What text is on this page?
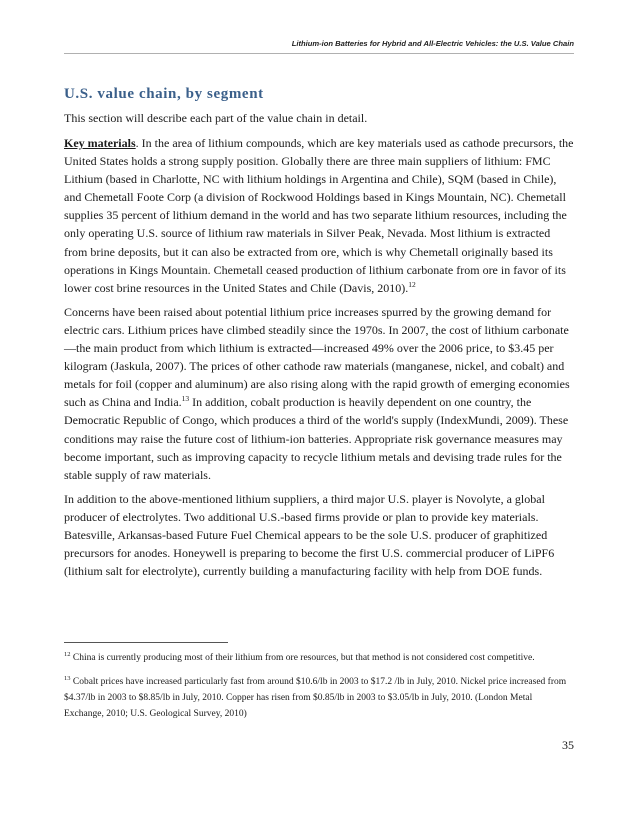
Lithium-ion Batteries for Hybrid and All-Electric Vehicles: the U.S. Value Chain
U.S. value chain, by segment

This section will describe each part of the value chain in detail.

Key materials. In the area of lithium compounds, which are key materials used as cathode precursors, the United States holds a strong supply position. Globally there are three main suppliers of lithium: FMC Lithium (based in Charlotte, NC with lithium holdings in Argentina and Chile), SQM (based in Chile), and Chemetall Foote Corp (a division of Rockwood Holdings based in Kings Mountain, NC). Chemetall supplies 35 percent of lithium demand in the world and has two separate lithium resources, including the only operating U.S. source of lithium raw materials in Silver Peak, Nevada. Most lithium is extracted from brine deposits, but it can also be extracted from ore, which is why Chemetall originally based its operations in Kings Mountain. Chemetall ceased production of lithium carbonate from ore in favor of its lower cost brine resources in the United States and Chile (Davis, 2010).$^{12}$

Concerns have been raised about potential lithium price increases spurred by the growing demand for electric cars. Lithium prices have climbed steadily since the 1970s. In 2007, the cost of lithium carbonate—the main product from which lithium is extracted—increased 49% over the 2006 price, to $3.45 per kilogram (Jaskula, 2007). The prices of other cathode raw materials (manganese, nickel, and cobalt) and metals for foil (copper and aluminum) are also rising along with the rapid growth of emerging economies such as China and India.$^{13}$ In addition, cobalt production is heavily dependent on one country, the Democratic Republic of Congo, which produces a third of the world's supply (IndexMundi, 2009). These conditions may raise the future cost of lithium-ion batteries. Appropriate risk governance measures may become important, such as improving capacity to recycle lithium metals and devising trade rules for the stable supply of raw materials.

In addition to the above-mentioned lithium suppliers, a third major U.S. player is Novolyte, a global producer of electrolytes. Two additional U.S.-based firms provide or plan to provide key materials. Batesville, Arkansas-based Future Fuel Chemical appears to be the sole U.S. producer of graphitized precursors for anodes. Honeywell is preparing to become the first U.S. commercial producer of LiPF6 (lithium salt for electrolyte), currently building a manufacturing facility with help from DOE funds.

$^{12}$ China is currently producing most of their lithium from ore resources, but that method is not considered cost competitive.

$^{13}$ Cobalt prices have increased particularly fast from around $10.6/lb in 2003 to $17.2 /lb in July, 2010. Nickel price increased from $4.37/lb in 2003 to $8.85/lb in July, 2010. Copper has risen from $0.85/lb in 2003 to $3.05/lb in July, 2010. (London Metal Exchange, 2010; U.S. Geological Survey, 2010)

35
